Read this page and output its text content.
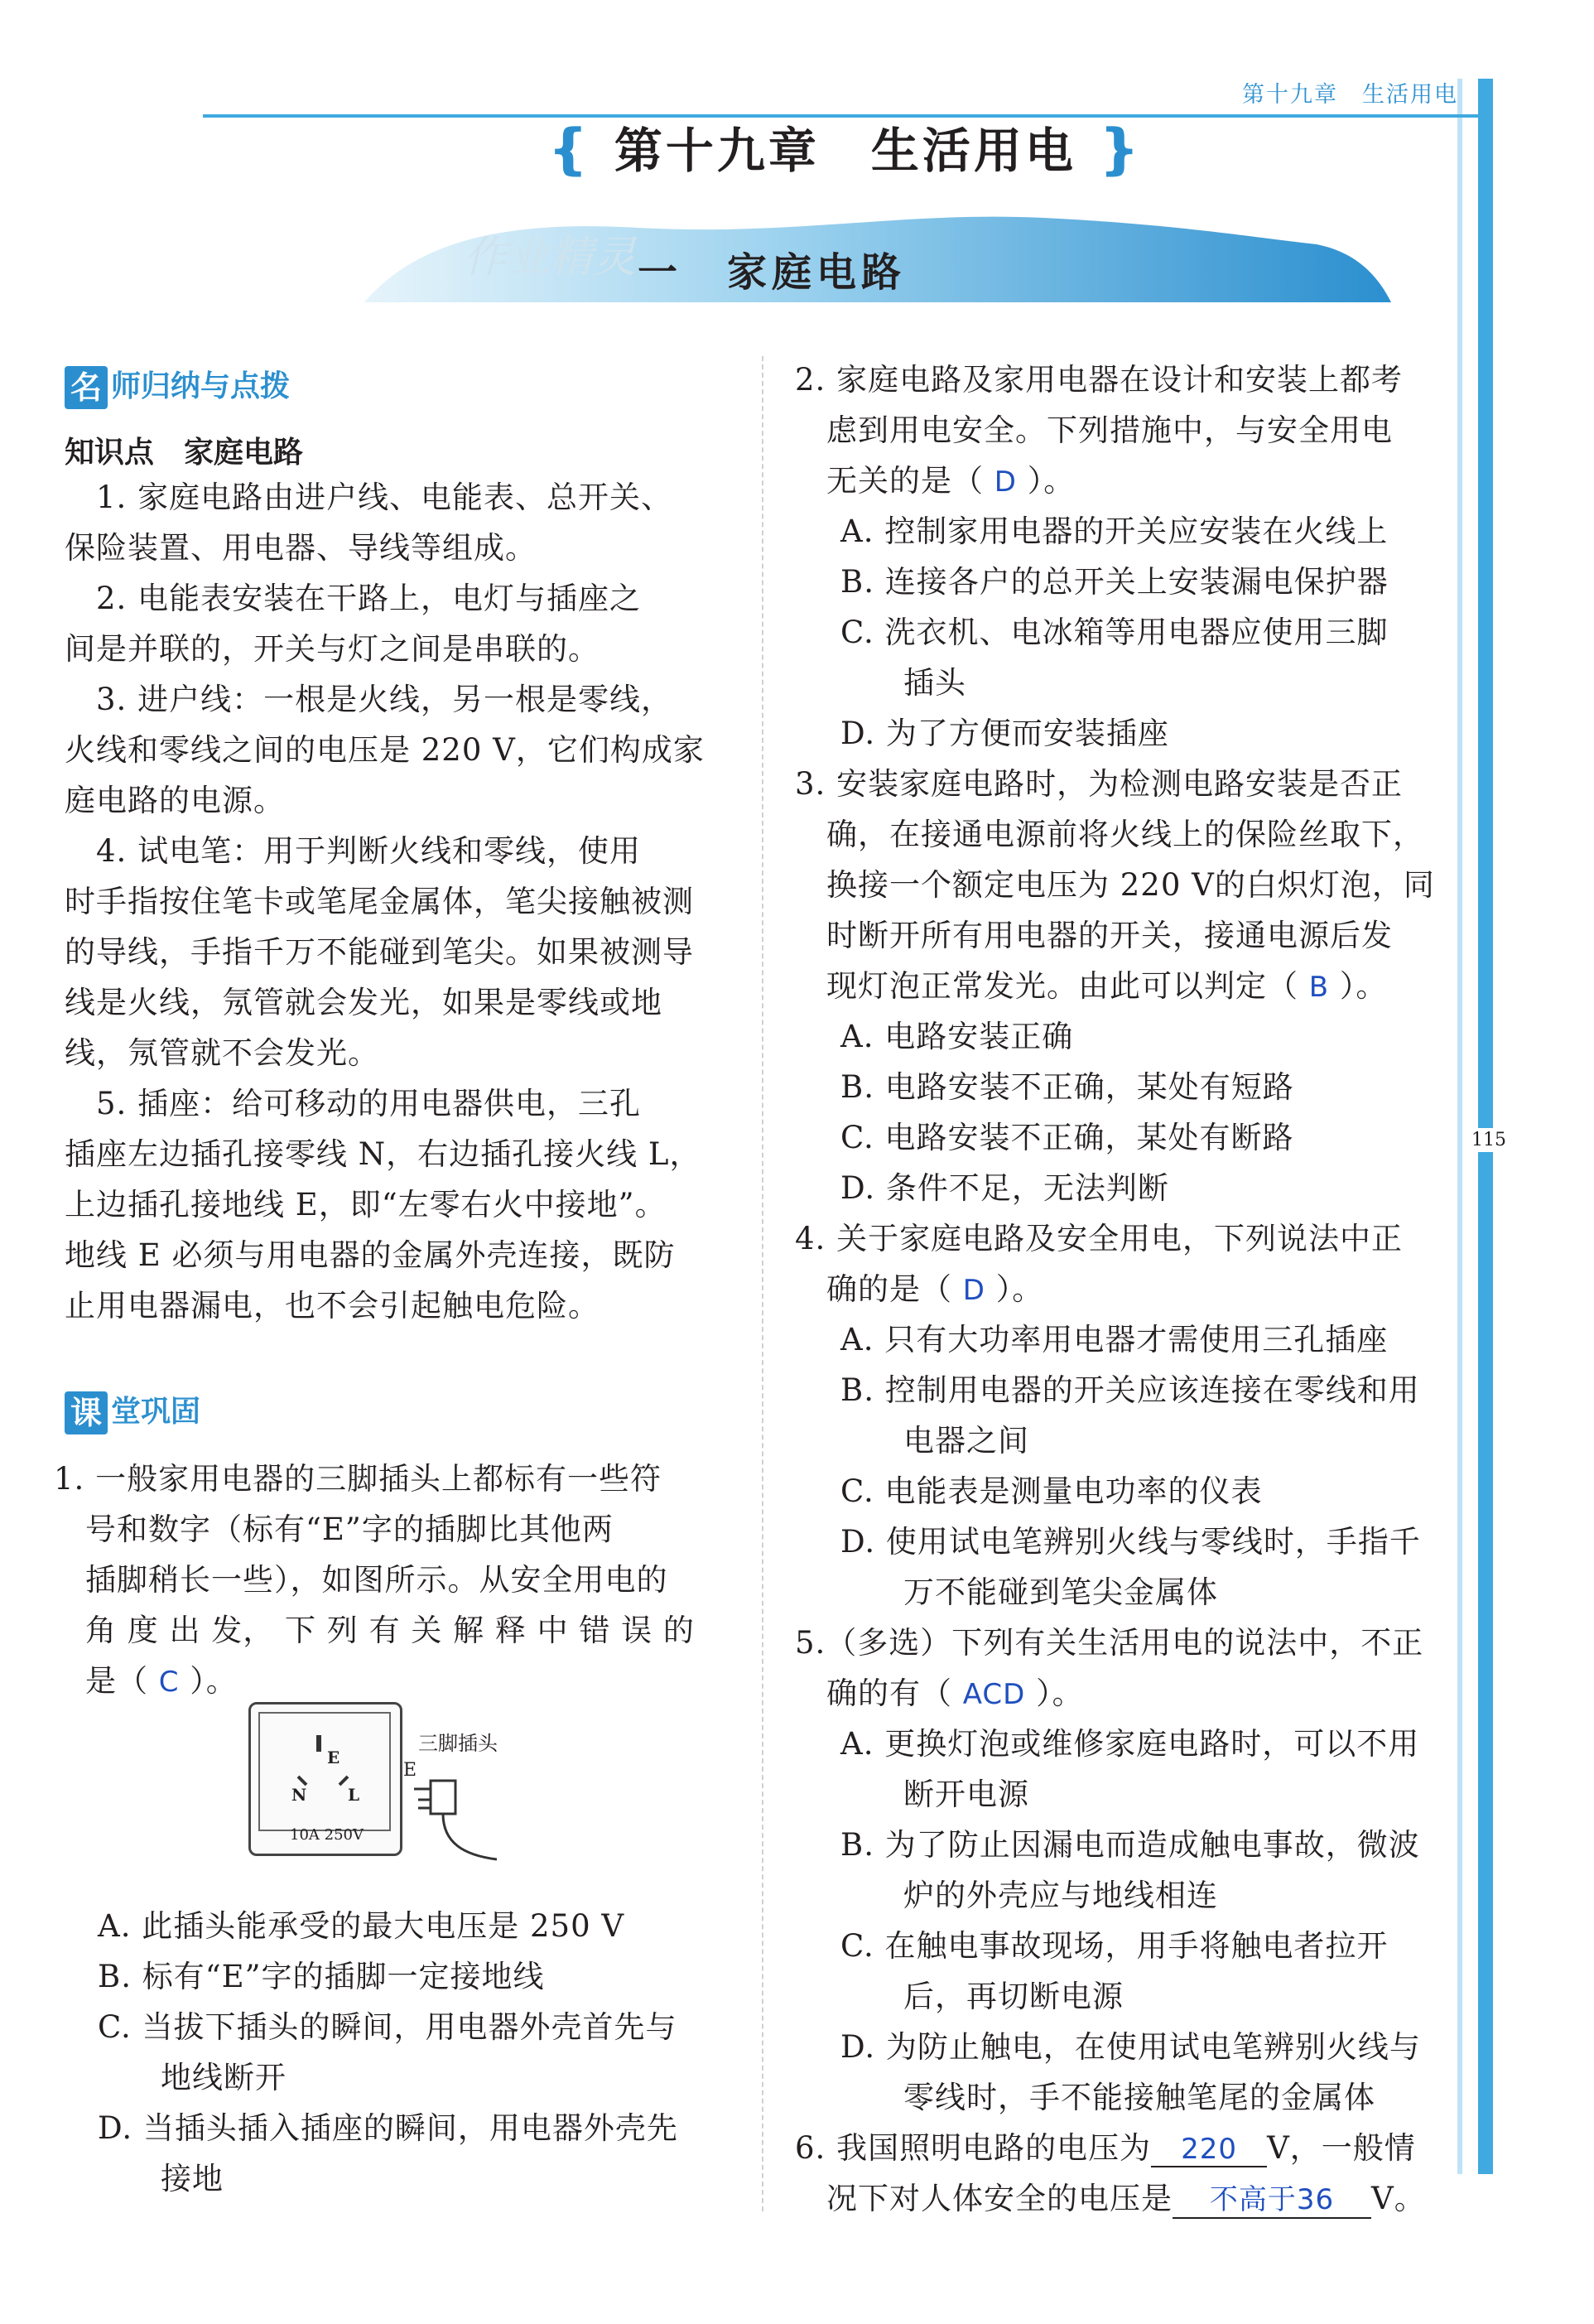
第十九章　生活用电
115
❴ 第十九章　生活用电 ❵
作业精灵 一　 家庭电路
名 师归纳与点拨
知识点　家庭电路
　1. 家庭电路由进户线、电能表、总开关、
保险装置、用电器、导线等组成。
　2. 电能表安装在干路上，电灯与插座之
间是并联的，开关与灯之间是串联的。
　3. 进户线：一根是火线，另一根是零线，
火线和零线之间的电压是 220 V，它们构成家
庭电路的电源。
　4. 试电笔：用于判断火线和零线，使用
时手指按住笔卡或笔尾金属体，笔尖接触被测
的导线，手指千万不能碰到笔尖。如果被测导
线是火线，氖管就会发光，如果是零线或地
线，氖管就不会发光。
　5. 插座：给可移动的用电器供电，三孔
插座左边插孔接零线 N，右边插孔接火线 L，
上边插孔接地线 E，即“左零右火中接地”。
地线 E 必须与用电器的金属外壳连接，既防
止用电器漏电，也不会引起触电危险。
课 堂巩固
1. 一般家用电器的三脚插头上都标有一些符
　号和数字（标有“E”字的插脚比其他两
　插脚稍长一些），如图所示。从安全用电的
　角 度 出 发， 下 列 有 关 解 释 中 错 误 的
　是（ C ）。
E
N L
10A 250V
三脚插头
E
A. 此插头能承受的最大电压是 250 V
B. 标有“E”字的插脚一定接地线
C. 当拔下插头的瞬间，用电器外壳首先与
　　地线断开
D. 当插头插入插座的瞬间，用电器外壳先
　　接地
2. 家庭电路及家用电器在设计和安装上都考
　虑到用电安全。下列措施中，与安全用电
　无关的是（ D ）。
A. 控制家用电器的开关应安装在火线上
B. 连接各户的总开关上安装漏电保护器
C. 洗衣机、电冰箱等用电器应使用三脚
　　插头
D. 为了方便而安装插座
3. 安装家庭电路时，为检测电路安装是否正
　确，在接通电源前将火线上的保险丝取下，
　换接一个额定电压为 220 V的白炽灯泡，同
　时断开所有用电器的开关，接通电源后发
　现灯泡正常发光。由此可以判定（ B ）。
A. 电路安装正确
B. 电路安装不正确，某处有短路
C. 电路安装不正确，某处有断路
D. 条件不足，无法判断
4. 关于家庭电路及安全用电，下列说法中正
　确的是（ D ）。
A. 只有大功率用电器才需使用三孔插座
B. 控制用电器的开关应该连接在零线和用
　　电器之间
C. 电能表是测量电功率的仪表
D. 使用试电笔辨别火线与零线时，手指千
　　万不能碰到笔尖金属体
5.（多选）下列有关生活用电的说法中，不正
　确的有（ ACD ）。
A. 更换灯泡或维修家庭电路时，可以不用
　　断开电源
B. 为了防止因漏电而造成触电事故，微波
　　炉的外壳应与地线相连
C. 在触电事故现场，用手将触电者拉开
　　后，再切断电源
D. 为防止触电，在使用试电笔辨别火线与
　　零线时，手不能接触笔尾的金属体
6. 我国照明电路的电压为 220 V，一般情
　况下对人体安全的电压是 不高于36 V。
